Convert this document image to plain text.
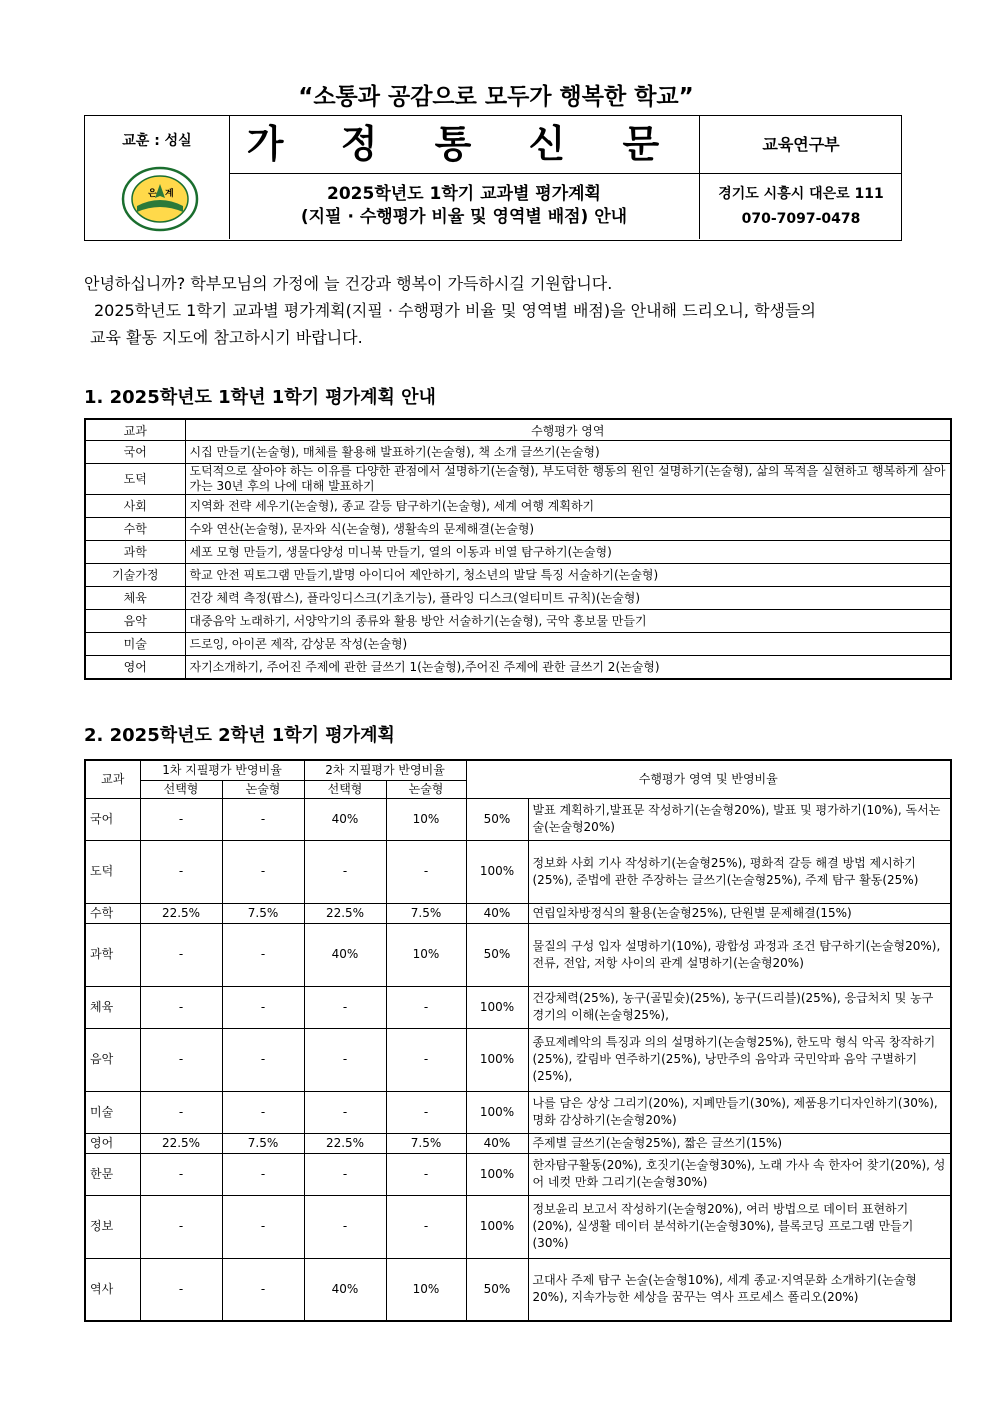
“소통과 공감으로 모두가 행복한 학교”
교훈 : 성실
은 계
가 정 통 신 문
2025학년도 1학기 교과별 평가계획
(지필 · 수행평가 비율 및 영역별 배점) 안내
교육연구부
경기도 시흥시 대은로 111
070-7097-0478

안녕하십니까? 학부모님의 가정에 늘 건강과 행복이 가득하시길 기원합니다.

2025학년도 1학기 교과별 평가계획(지필 · 수행평가 비율 및 영역별 배점)을 안내해 드리오니, 학생들의

교육 활동 지도에 참고하시기 바랍니다.

1. 2025학년도 1학년 1학기 평가계획 안내
교과	수행평가 영역
국어	시집 만들기(논술형), 매체를 활용해 발표하기(논술형), 책 소개 글쓰기(논술형)
도덕	도덕적으로 살아야 하는 이유를 다양한 관점에서 설명하기(논술형), 부도덕한 행동의 원인 설명하기(논술형), 삶의 목적을 실현하고 행복하게 살아가는 30년 후의 나에 대해 발표하기
사회	지역화 전략 세우기(논술형), 종교 갈등 탐구하기(논술형), 세계 여행 계획하기
수학	수와 연산(논술형), 문자와 식(논술형), 생활속의 문제해결(논술형)
과학	세포 모형 만들기, 생물다양성 미니북 만들기, 열의 이동과 비열 탐구하기(논술형)
기술가정	학교 안전 픽토그램 만들기,발명 아이디어 제안하기, 청소년의 발달 특징 서술하기(논술형)
체육	건강 체력 측정(팝스), 플라잉디스크(기초기능), 플라잉 디스크(얼티미트 규칙)(논술형)
음악	대중음악 노래하기, 서양악기의 종류와 활용 방안 서술하기(논술형), 국악 홍보물 만들기
미술	드로잉, 아이콘 제작, 감상문 작성(논술형)
영어	자기소개하기, 주어진 주제에 관한 글쓰기 1(논술형),주어진 주제에 관한 글쓰기 2(논술형)
2. 2025학년도 2학년 1학기 평가계획
교과	1차 지필평가 반영비율		2차 지필평가 반영비율		수행평가 영역 및 반영비율	
	선택형	논술형	선택형	논술형		
국어	-	-	40%	10%	50%	발표 계획하기,발표문 작성하기(논술형20%), 발표 및 평가하기(10%), 독서논술(논술형20%)
도덕	-	-	-	-	100%	정보화 사회 기사 작성하기(논술형25%), 평화적 갈등 해결 방법 제시하기(25%), 준법에 관한 주장하는 글쓰기(논술형25%), 주제 탐구 활동(25%)
수학	22.5%	7.5%	22.5%	7.5%	40%	연립일차방정식의 활용(논술형25%), 단원별 문제해결(15%)
과학	-	-	40%	10%	50%	물질의 구성 입자 설명하기(10%), 광합성 과정과 조건 탐구하기(논술형20%), 전류, 전압, 저항 사이의 관계 설명하기(논술형20%)
체육	-	-	-	-	100%	건강체력(25%), 농구(골밑슛)(25%), 농구(드리블)(25%), 응급처치 및 농구 경기의 이해(논술형25%),
음악	-	-	-	-	100%	종묘제례악의 특징과 의의 설명하기(논술형25%), 한도막 형식 악곡 창작하기(25%), 칼림바 연주하기(25%), 낭만주의 음악과 국민악파 음악 구별하기(25%),
미술	-	-	-	-	100%	나를 담은 상상 그리기(20%), 지폐만들기(30%), 제품용기디자인하기(30%), 명화 감상하기(논술형20%)
영어	22.5%	7.5%	22.5%	7.5%	40%	주제별 글쓰기(논술형25%), 짧은 글쓰기(15%)
한문	-	-	-	-	100%	한자탐구활동(20%), 호짓기(논술형30%), 노래 가사 속 한자어 찾기(20%), 성어 네컷 만화 그리기(논술형30%)
정보	-	-	-	-	100%	정보윤리 보고서 작성하기(논술형20%), 여러 방법으로 데이터 표현하기(20%), 실생활 데이터 분석하기(논술형30%), 블록코딩 프로그램 만들기(30%)
역사	-	-	40%	10%	50%	고대사 주제 탐구 논술(논술형10%), 세계 종교·지역문화 소개하기(논술형20%), 지속가능한 세상을 꿈꾸는 역사 프로세스 폴리오(20%)
